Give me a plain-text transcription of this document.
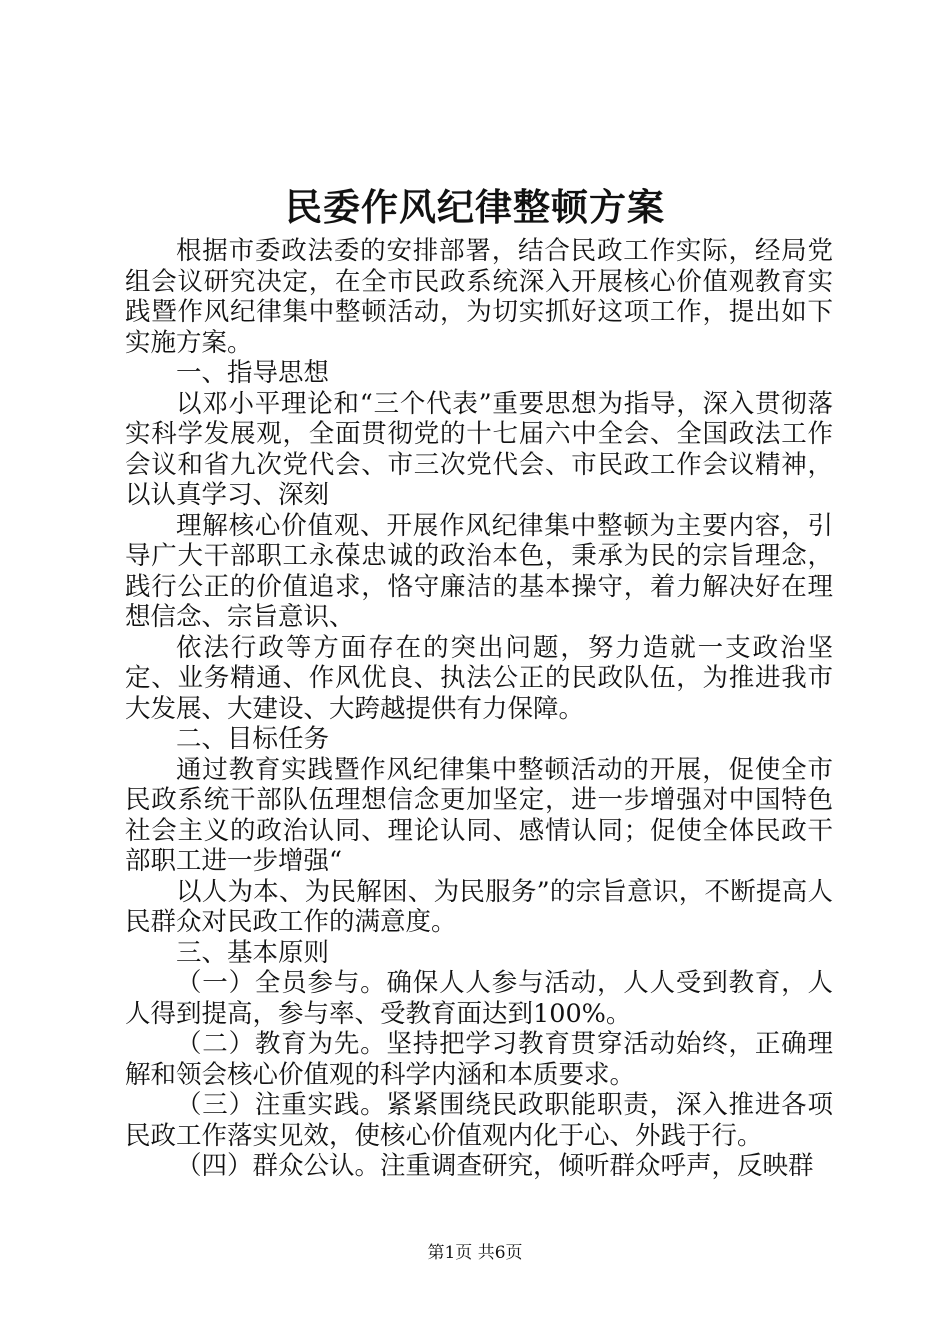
民委作风纪律整顿方案

根据市委政法委的安排部署，结合民政工作实际，经局党组会议研究决定，在全市民政系统深入开展核心价值观教育实践暨作风纪律集中整顿活动，为切实抓好这项工作，提出如下实施方案。

一、指导思想

以邓小平理论和“三个代表”重要思想为指导，深入贯彻落实科学发展观，全面贯彻党的十七届六中全会、全国政法工作会议和省九次党代会、市三次党代会、市民政工作会议精神，以认真学习、深刻

理解核心价值观、开展作风纪律集中整顿为主要内容，引导广大干部职工永葆忠诚的政治本色，秉承为民的宗旨理念，践行公正的价值追求，恪守廉洁的基本操守，着力解决好在理想信念、宗旨意识、

依法行政等方面存在的突出问题，努力造就一支政治坚定、业务精通、作风优良、执法公正的民政队伍，为推进我市大发展、大建设、大跨越提供有力保障。

二、目标任务

通过教育实践暨作风纪律集中整顿活动的开展，促使全市民政系统干部队伍理想信念更加坚定，进一步增强对中国特色社会主义的政治认同、理论认同、感情认同；促使全体民政干部职工进一步增强“

以人为本、为民解困、为民服务”的宗旨意识，不断提高人民群众对民政工作的满意度。

三、基本原则

（一）全员参与。确保人人参与活动，人人受到教育，人人得到提高，参与率、受教育面达到100%。

（二）教育为先。坚持把学习教育贯穿活动始终，正确理解和领会核心价值观的科学内涵和本质要求。

（三）注重实践。紧紧围绕民政职能职责，深入推进各项民政工作落实见效，使核心价值观内化于心、外践于行。

（四）群众公认。注重调查研究，倾听群众呼声，反映群

第1页 共6页
